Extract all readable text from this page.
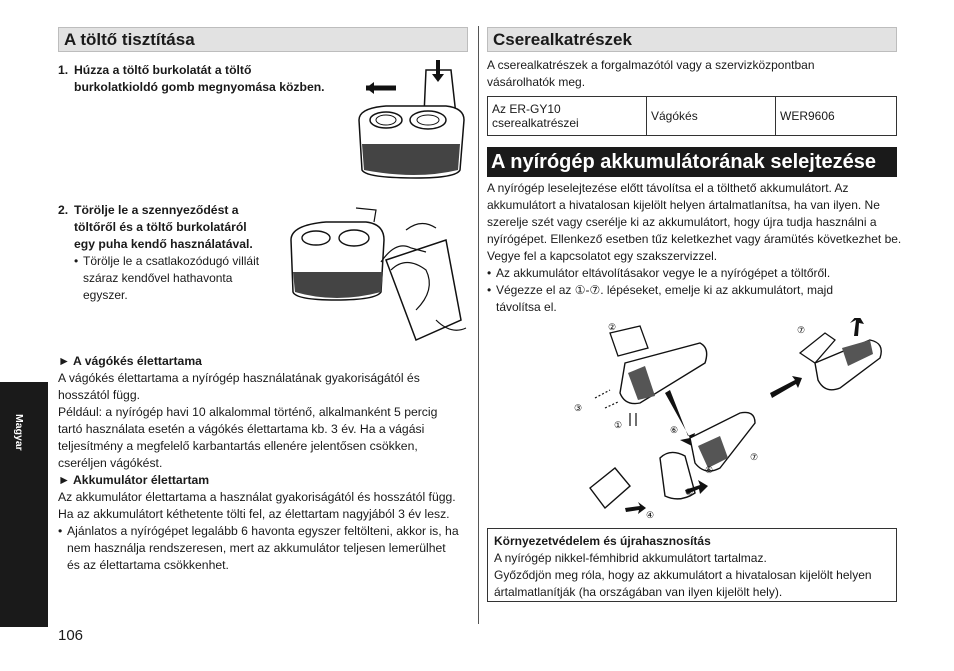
A töltő tisztítása
1. Húzza a töltő burkolatát a töltő
burkolatkioldó gomb megnyomása közben.
2. Törölje le a szennyeződést a
töltőről és a töltő burkolatáról
egy puha kendő használatával.
• Törölje le a csatlakozódugó villáit
száraz kendővel hathavonta
egyszer.
► A vágókés élettartama
A vágókés élettartama a nyírógép használatának gyakoriságától és
hosszától függ.
Például: a nyírógép havi 10 alkalommal történő, alkalmanként 5 percig
tartó használata esetén a vágókés élettartama kb. 3 év. Ha a vágási
teljesítmény a megfelelő karbantartás ellenére jelentősen csökken,
cseréljen vágókést.
► Akkumulátor élettartam
Az akkumulátor élettartama a használat gyakoriságától és hosszától függ.
Ha az akkumulátort kéthetente tölti fel, az élettartam nagyjából 3 év lesz.
• Ajánlatos a nyírógépet legalább 6 havonta egyszer feltölteni, akkor is, ha
nem használja rendszeresen, mert az akkumulátor teljesen lemerülhet
és az élettartama csökkenhet.
106
Magyar
Cserealkatrészek
A cserealkatrészek a forgalmazótól vagy a szervizközpontban
vásárolhatók meg.
Az ER-GY10
cserealkatrészei	Vágókés	WER9606
A nyírógép akkumulátorának selejtezése
A nyírógép leselejtezése előtt távolítsa el a tölthető akkumulátort. Az
akkumulátort a hivatalosan kijelölt helyen ártalmatlanítsa, ha van ilyen. Ne
szerelje szét vagy cserélje ki az akkumulátort, hogy újra tudja használni a
nyírógépet. Ellenkező esetben tűz keletkezhet vagy áramütés következhet be.
Vegye fel a kapcsolatot egy szakszervizzel.
• Az akkumulátor eltávolításakor vegye le a nyírógépet a töltőről.
• Végezze el az ①-⑦. lépéseket, emelje ki az akkumulátort, majd
távolítsa el.
②
③
①	⑥
⑦
⑥
⑤
④
⑦
Környezetvédelem és újrahasznosítás
A nyírógép nikkel-fémhibrid akkumulátort tartalmaz.
Győződjön meg róla, hogy az akkumulátort a hivatalosan kijelölt helyen
ártalmatlanítják (ha országában van ilyen kijelölt hely).
